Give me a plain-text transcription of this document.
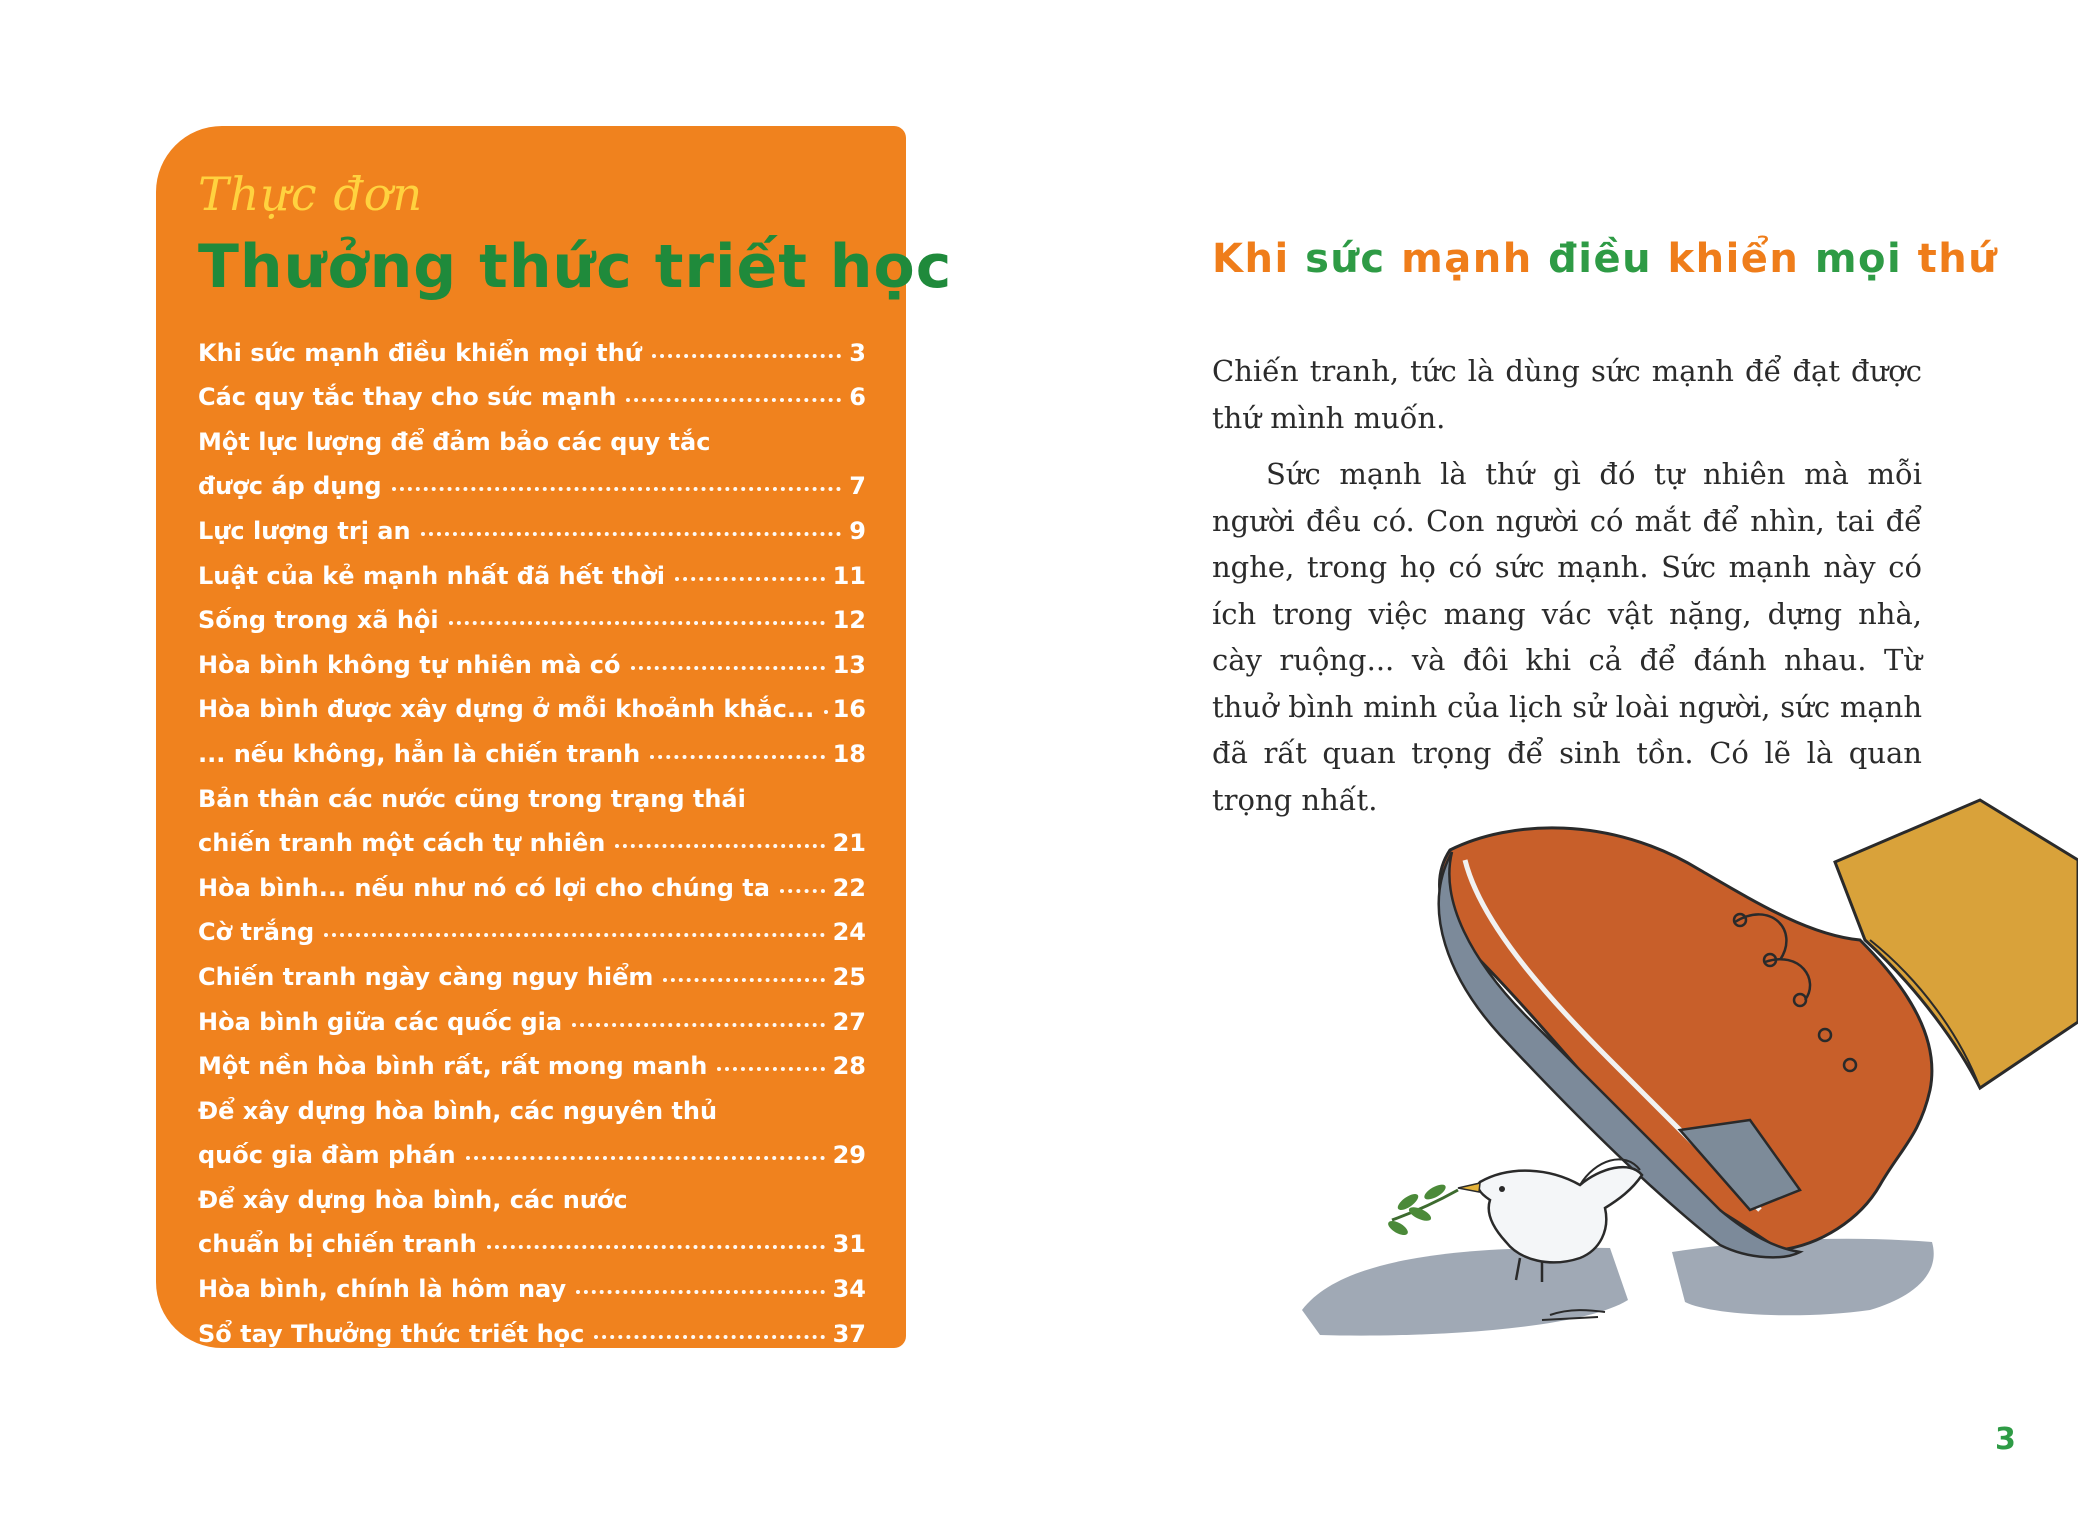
Thực đơn
Thưởng thức triết học
Khi sức mạnh điều khiển mọi thứ	3
Các quy tắc thay cho sức mạnh	6
Một lực lượng để đảm bảo các quy tắc
được áp dụng	7
Lực lượng trị an	9
Luật của kẻ mạnh nhất đã hết thời	11
Sống trong xã hội	12
Hòa bình không tự nhiên mà có	13
Hòa bình được xây dựng ở mỗi khoảnh khắc... 16
... nếu không, hẳn là chiến tranh	18
Bản thân các nước cũng trong trạng thái
chiến tranh một cách tự nhiên	21
Hòa bình... nếu như nó có lợi cho chúng ta	22
Cờ trắng	24
Chiến tranh ngày càng nguy hiểm	25
Hòa bình giữa các quốc gia	27
Một nền hòa bình rất, rất mong manh	28
Để xây dựng hòa bình, các nguyên thủ
quốc gia đàm phán	29
Để xây dựng hòa bình, các nước
chuẩn bị chiến tranh	31
Hòa bình, chính là hôm nay	34
Sổ tay Thưởng thức triết học	37
Khi sức mạnh điều khiển mọi thứ

Chiến tranh, tức là dùng sức mạnh để đạt được thứ mình muốn.

Sức mạnh là thứ gì đó tự nhiên mà mỗi người đều có. Con người có mắt để nhìn, tai để nghe, trong họ có sức mạnh. Sức mạnh này có ích trong việc mang vác vật nặng, dựng nhà, cày ruộng... và đôi khi cả để đánh nhau. Từ thuở bình minh của lịch sử loài người, sức mạnh đã rất quan trọng để sinh tồn. Có lẽ là quan trọng nhất.

3
